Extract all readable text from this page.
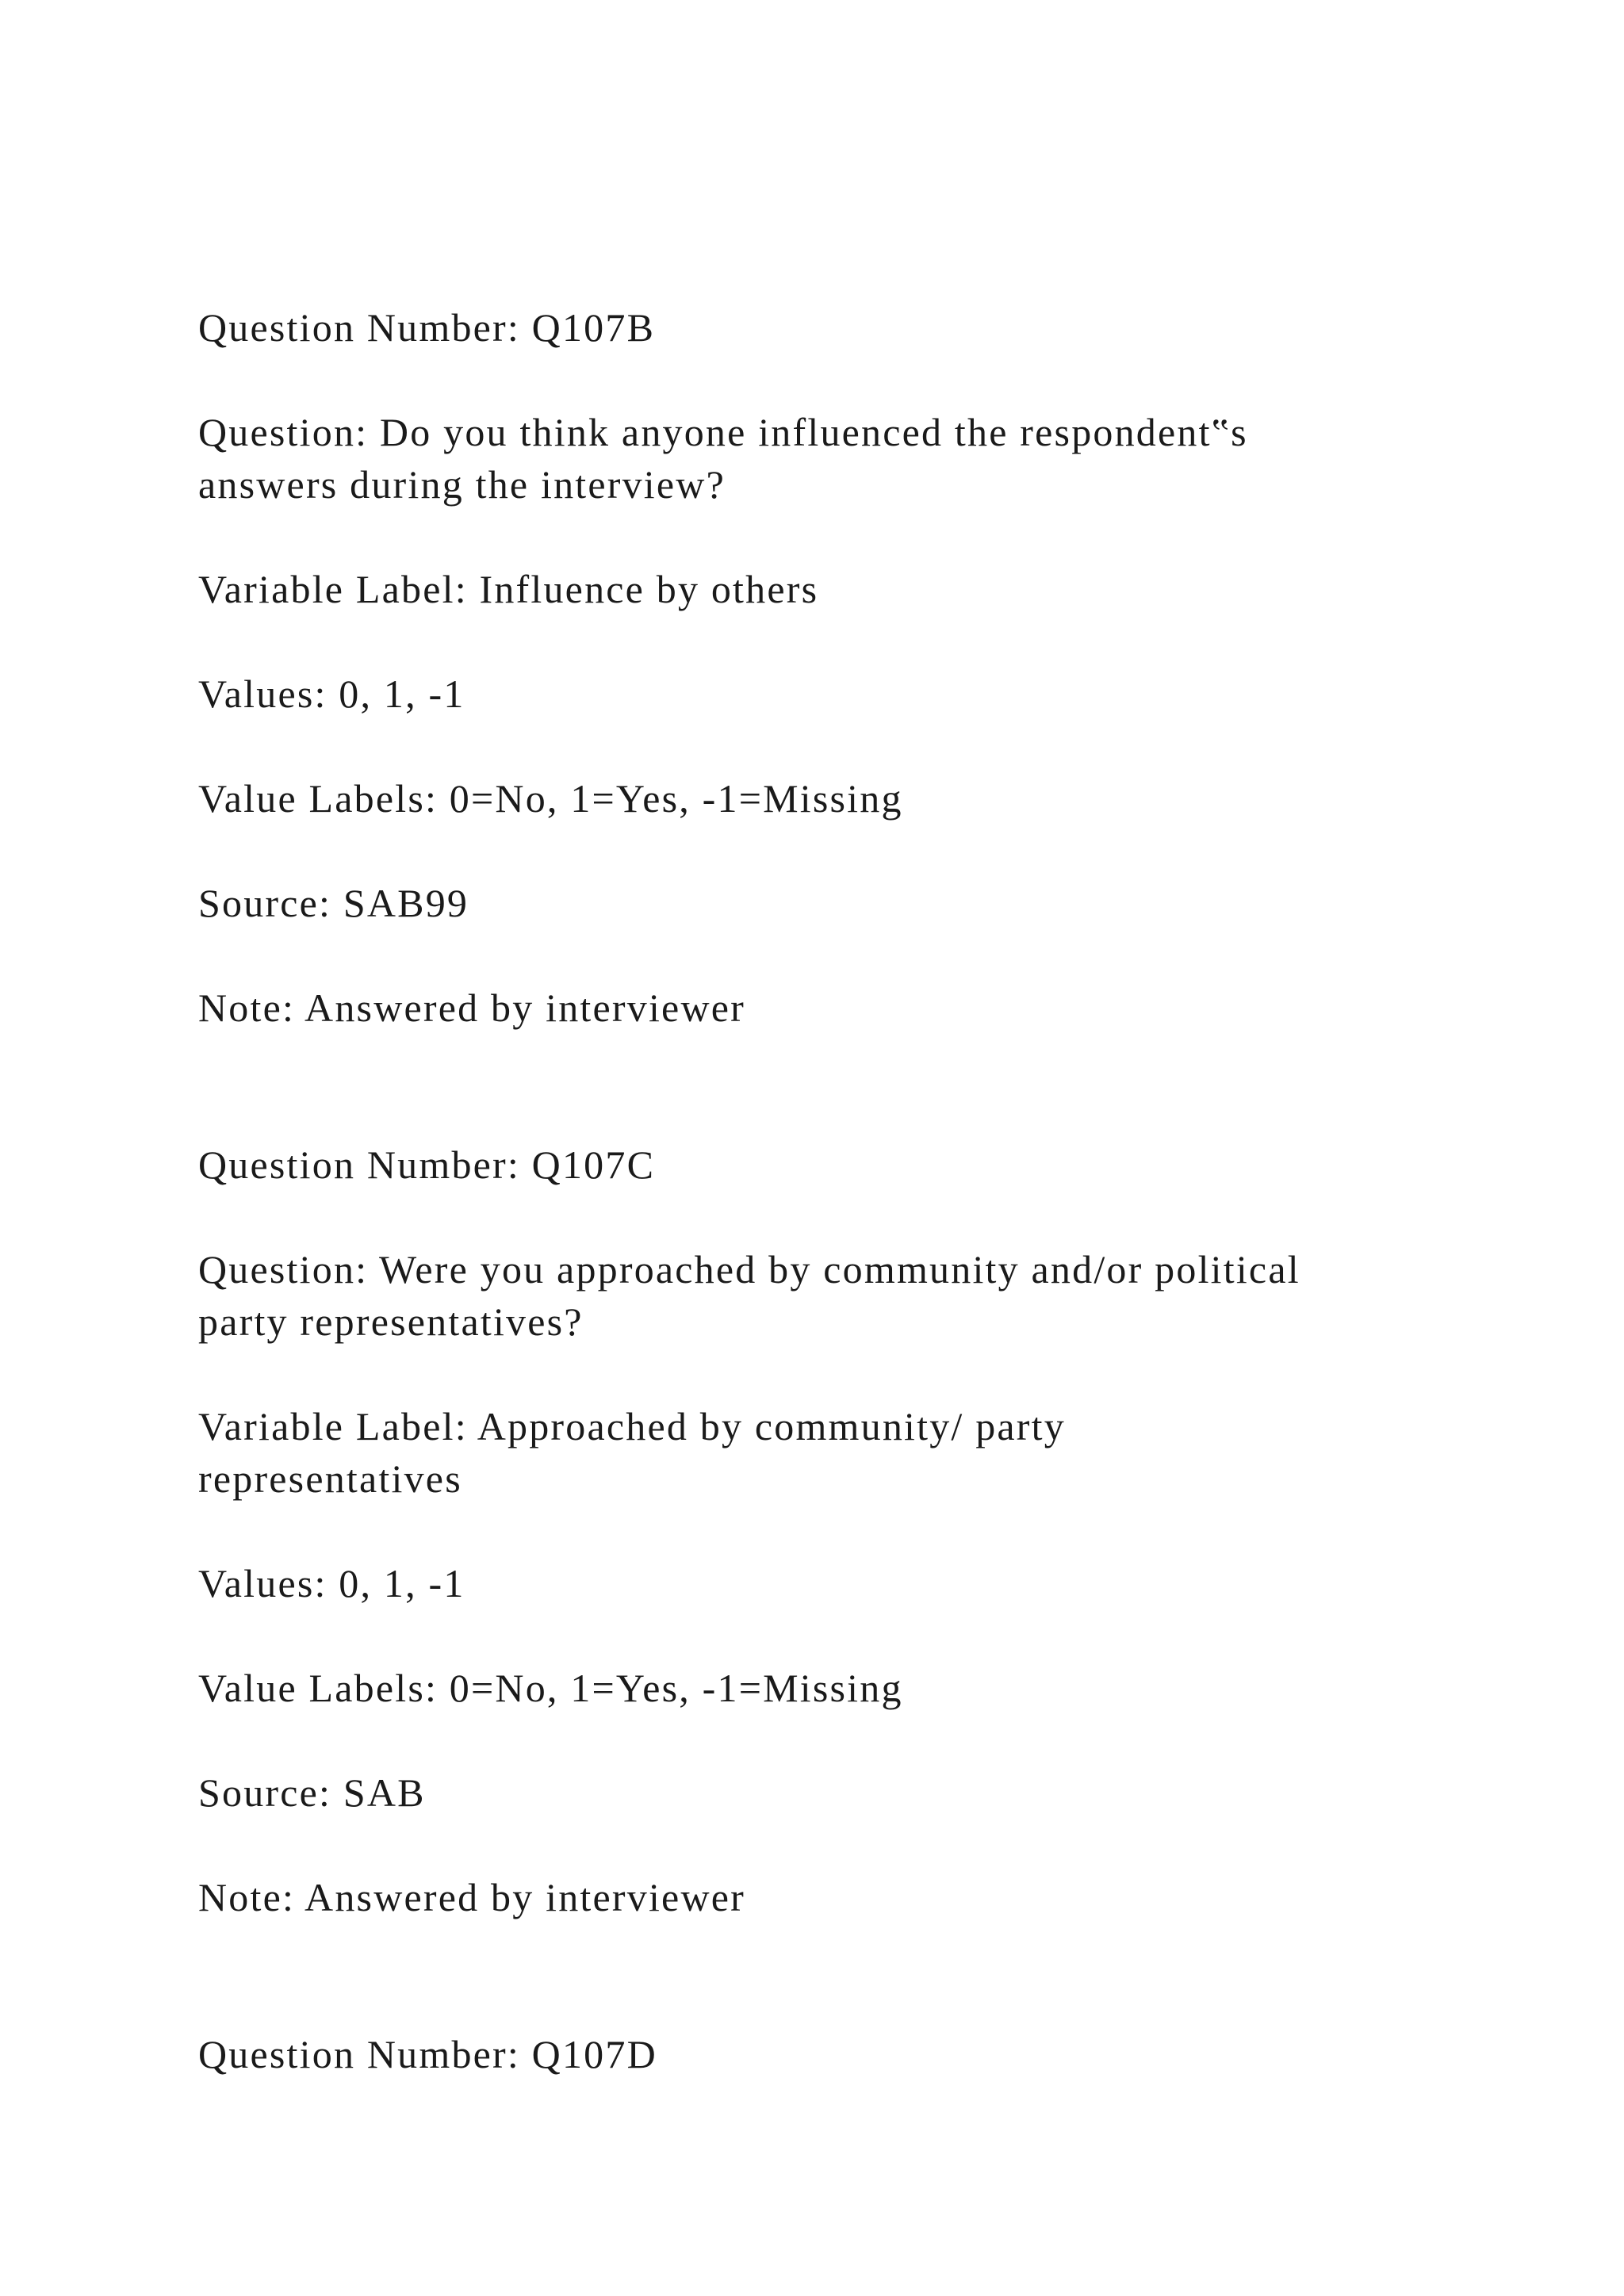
Question Number: Q107B

Question: Do you think anyone influenced the respondent‟s

answers during the interview?

Variable Label: Influence by others

Values: 0, 1, -1

Value Labels: 0=No, 1=Yes, -1=Missing

Source: SAB99

Note: Answered by interviewer

Question Number: Q107C

Question: Were you approached by community and/or political

party representatives?

Variable Label: Approached by community/ party

representatives

Values: 0, 1, -1

Value Labels: 0=No, 1=Yes, -1=Missing

Source: SAB

Note: Answered by interviewer

Question Number: Q107D
